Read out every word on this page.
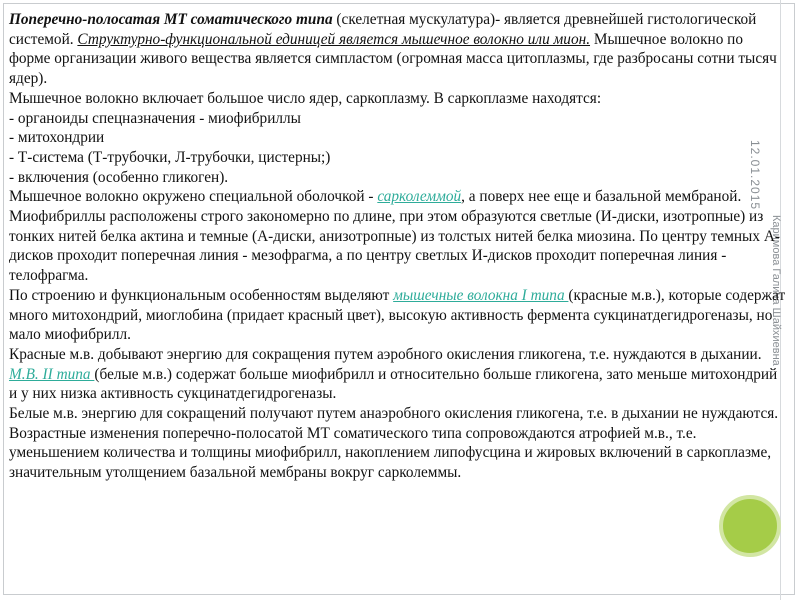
12.01.2015
Каримова Галина Шайхиевна

Поперечно-полосатая МТ соматического типа (скелетная мускулатура)- является древнейшей гистологической системой. Структурно-функциональной единицей является мышечное волокно или мион. Мышечное волокно по форме организации живого вещества является симпластом (огромная масса цитоплазмы, где разбросаны сотни тысяч ядер).

Мышечное волокно включает большое число ядер, саркоплазму. В саркоплазме находятся:

- органоиды спецназначения - миофибриллы

- митохондрии

- Т-система (Т-трубочки, Л-трубочки, цистерны;)

- включения (особенно гликоген).

Мышечное волокно окружено специальной оболочкой - сарколеммой, а поверх нее еще и базальной мембраной. Миофибриллы расположены строго закономерно по длине, при этом образуются светлые (И-диски, изотропные) из тонких нитей белка актина и темные (А-диски, анизотропные) из толстых нитей белка миозина. По центру темных А-дисков проходит поперечная линия - мезофрагма, а по центру светлых И-дисков проходит поперечная линия - телофрагма.

По строению и функциональным особенностям выделяют мышечные волокна I типа (красные м.в.), которые содержат много митохондрий, миоглобина (придает красный цвет), высокую активность фермента сукцинатдегидрогеназы, но мало миофибрилл.

Красные м.в. добывают энергию для сокращения путем аэробного окисления гликогена, т.е. нуждаются в дыхании.

М.В. II типа (белые м.в.) содержат больше миофибрилл и относительно больше гликогена, зато меньше митохондрий и у них низка активность сукцинатдегидрогеназы.

Белые м.в. энергию для сокращений получают путем анаэробного окисления гликогена, т.е. в дыхании не нуждаются.

Возрастные изменения поперечно-полосатой МТ соматического типа сопровождаются атрофией м.в., т.е. уменьшением количества и толщины миофибрилл, накоплением липофусцина и жировых включений в саркоплазме, значительным утолщением базальной мембраны вокруг сарколеммы.
